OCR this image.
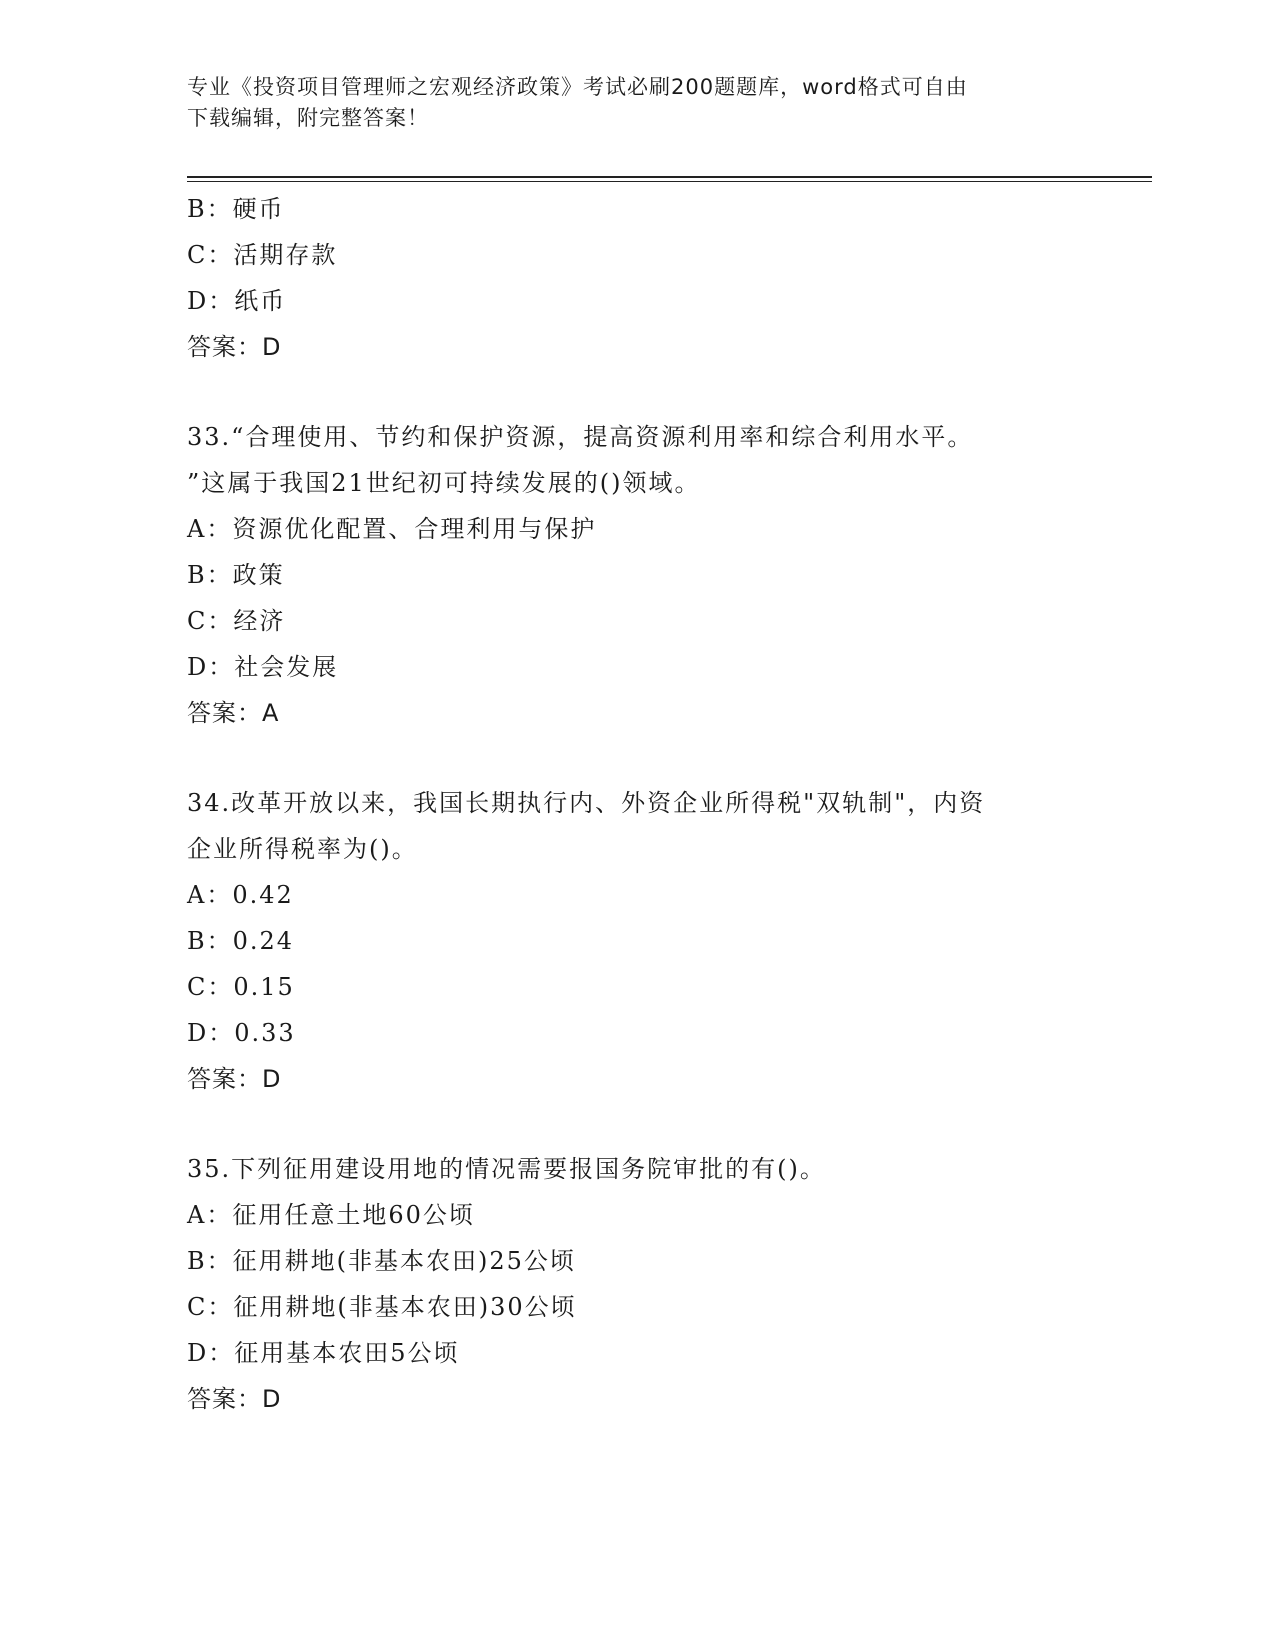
专业《投资项目管理师之宏观经济政策》考试必刷200题题库，word格式可自由
下载编辑，附完整答案！
B：硬币
C：活期存款
D：纸币
答案：D
33.“合理使用、节约和保护资源，提高资源利用率和综合利用水平。
”这属于我国21世纪初可持续发展的()领域。
A：资源优化配置、合理利用与保护
B：政策
C：经济
D：社会发展
答案：A
34.改革开放以来，我国长期执行内、外资企业所得税"双轨制"，内资
企业所得税率为()。
A：0.42
B：0.24
C：0.15
D：0.33
答案：D
35.下列征用建设用地的情况需要报国务院审批的有()。
A：征用任意土地60公顷
B：征用耕地(非基本农田)25公顷
C：征用耕地(非基本农田)30公顷
D：征用基本农田5公顷
答案：D
